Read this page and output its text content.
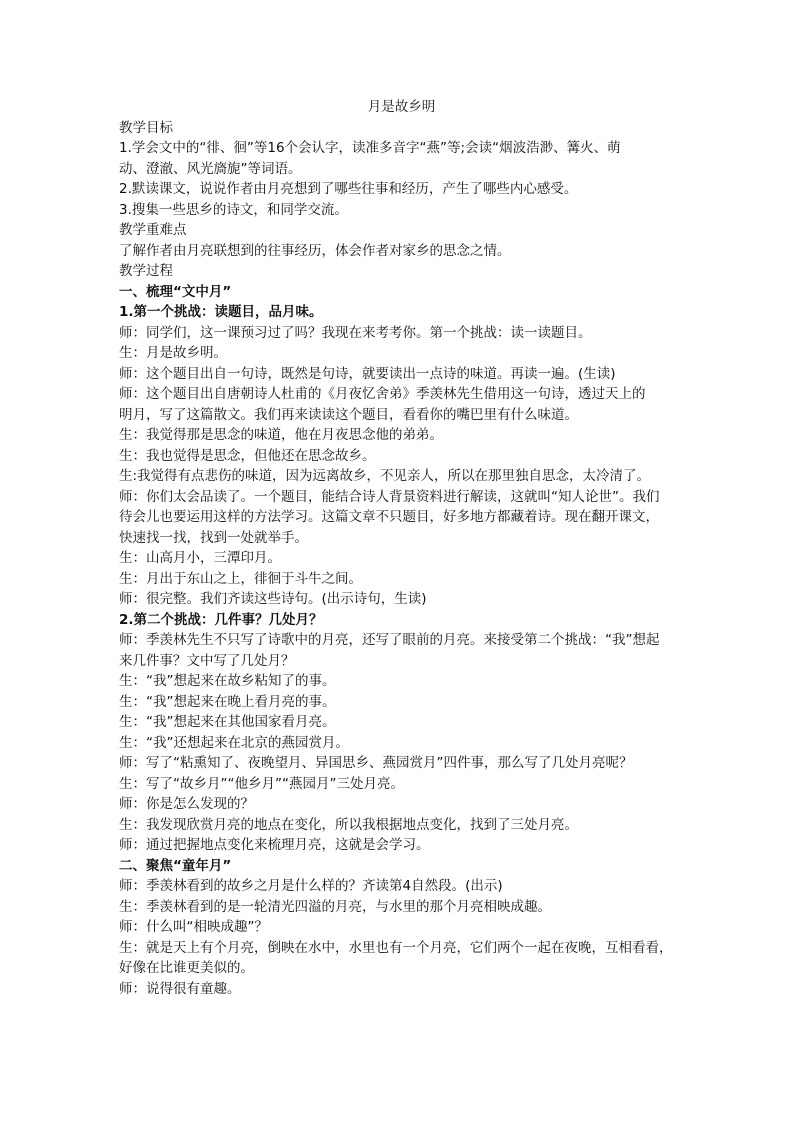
月是故乡明

教学目标

1.学会文中的“徘、徊”等16个会认字，读准多音字“燕”等;会读“烟波浩渺、篝火、萌

动、澄澈、风光旖旎”等词语。

2.默读课文，说说作者由月亮想到了哪些往事和经历，产生了哪些内心感受。

3.搜集一些思乡的诗文，和同学交流。

教学重难点

了解作者由月亮联想到的往事经历，体会作者对家乡的思念之情。

教学过程

一、梳理“文中月”

1.第一个挑战：读题目，品月味。

师：同学们，这一课预习过了吗？我现在来考考你。第一个挑战：读一读题目。

生：月是故乡明。

师：这个题目出自一句诗，既然是句诗，就要读出一点诗的味道。再读一遍。(生读)

师：这个题目出自唐朝诗人杜甫的《月夜忆舍弟》季羡林先生借用这一句诗，透过天上的

明月，写了这篇散文。我们再来读读这个题目，看看你的嘴巴里有什么味道。

生：我觉得那是思念的味道，他在月夜思念他的弟弟。

生：我也觉得是思念，但他还在思念故乡。

生:我觉得有点悲伤的味道，因为远离故乡，不见亲人，所以在那里独自思念，太冷清了。

师：你们太会品读了。一个题目，能结合诗人背景资料进行解读，这就叫“知人论世”。我们

待会儿也要运用这样的方法学习。这篇文章不只题目，好多地方都藏着诗。现在翻开课文，

快速找一找，找到一处就举手。

生：山高月小，三潭印月。

生：月出于东山之上，徘徊于斗牛之间。

师：很完整。我们齐读这些诗句。(出示诗句，生读)

2.第二个挑战：几件事？几处月？

师：季羡林先生不只写了诗歌中的月亮，还写了眼前的月亮。来接受第二个挑战：“我”想起

来几件事？文中写了几处月？

生：“我”想起来在故乡粘知了的事。

生：“我”想起来在晚上看月亮的事。

生：“我”想起来在其他国家看月亮。

生：“我”还想起来在北京的燕园赏月。

师：写了“粘熏知了、夜晚望月、异国思乡、燕园赏月”四件事，那么写了几处月亮呢？

生：写了“故乡月”“他乡月”“燕园月”三处月亮。

师：你是怎么发现的？

生：我发现欣赏月亮的地点在变化，所以我根据地点变化，找到了三处月亮。

师：通过把握地点变化来梳理月亮，这就是会学习。

二、聚焦“童年月”

师：季羡林看到的故乡之月是什么样的？齐读第4自然段。(出示)

生：季羡林看到的是一轮清光四溢的月亮，与水里的那个月亮相映成趣。

师：什么叫“相映成趣”？

生：就是天上有个月亮，倒映在水中，水里也有一个月亮，它们两个一起在夜晚，互相看看，

好像在比谁更美似的。

师：说得很有童趣。
